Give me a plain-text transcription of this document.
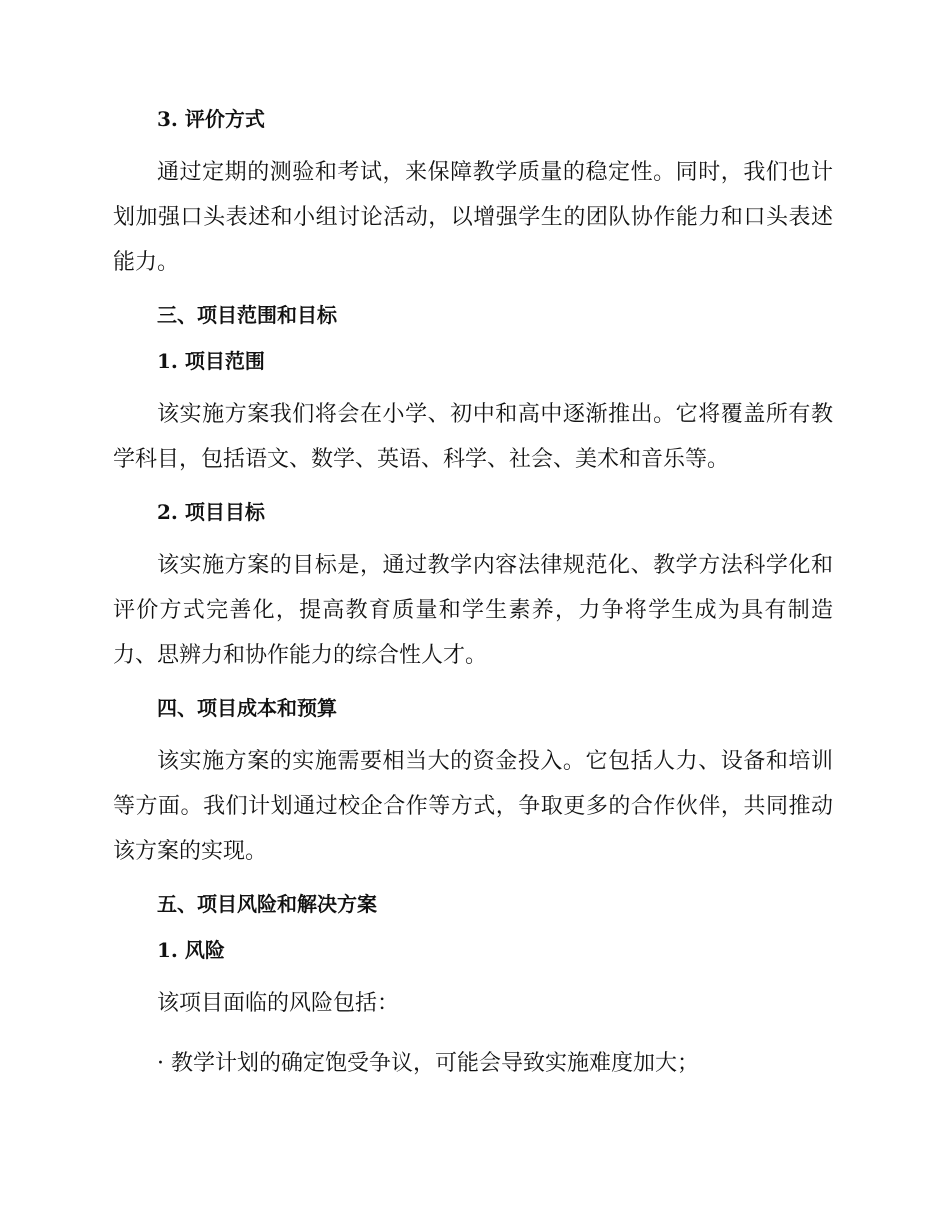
3. 评价方式

通过定期的测验和考试，来保障教学质量的稳定性。同时，我们也计划加强口头表述和小组讨论活动，以增强学生的团队协作能力和口头表述能力。

三、项目范围和目标
1. 项目范围

该实施方案我们将会在小学、初中和高中逐渐推出。它将覆盖所有教学科目，包括语文、数学、英语、科学、社会、美术和音乐等。

2. 项目目标

该实施方案的目标是，通过教学内容法律规范化、教学方法科学化和评价方式完善化，提高教育质量和学生素养，力争将学生成为具有制造力、思辨力和协作能力的综合性人才。

四、项目成本和预算

该实施方案的实施需要相当大的资金投入。它包括人力、设备和培训等方面。我们计划通过校企合作等方式，争取更多的合作伙伴，共同推动该方案的实现。

五、项目风险和解决方案
1. 风险

该项目面临的风险包括：

· 教学计划的确定饱受争议，可能会导致实施难度加大；
